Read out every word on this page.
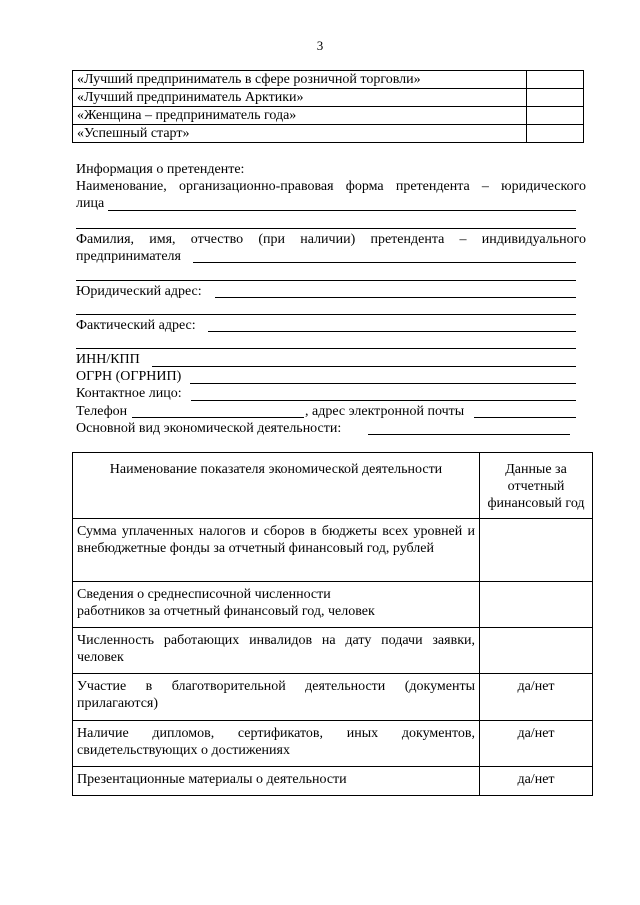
3
«Лучший предприниматель в сфере розничной торговли»	
«Лучший предприниматель Арктики»	
«Женщина – предприниматель года»	
«Успешный старт»	
Информация о претенденте:
Наименование, организационно-правовая форма претендента – юридического
лица
Фамилия, имя, отчество (при наличии) претендента – индивидуального
предпринимателя
Юридический адрес:
Фактический адрес:
ИНН/КПП
ОГРН (ОГРНИП)
Контактное лицо:
Телефон	, адрес электронной почты
Основной вид экономической деятельности:
Наименование показателя экономической деятельности	Данные за отчетный финансовый год
Сумма уплаченных налогов и сборов в бюджеты всех уровней и внебюджетные фонды за отчетный финансовый год, рублей	

Сведения о среднесписочной численности
работников за отчетный финансовый год, человек	

Численность работающих инвалидов на дату подачи заявки, человек	
Участие в благотворительной деятельности (документы прилагаются)	да/нет
Наличие дипломов, сертификатов, иных документов, свидетельствующих о достижениях	да/нет
Презентационные материалы о деятельности	да/нет
